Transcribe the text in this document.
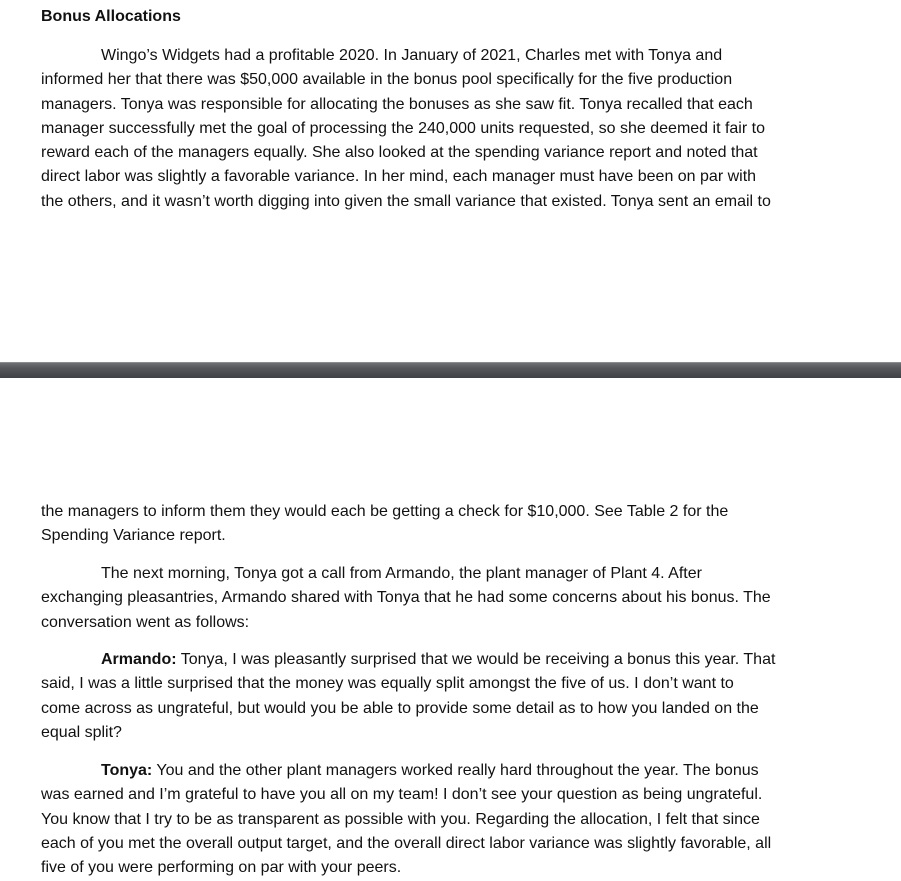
Bonus Allocations

Wingo’s Widgets had a profitable 2020. In January of 2021, Charles met with Tonya and
informed her that there was $50,000 available in the bonus pool specifically for the five production
managers. Tonya was responsible for allocating the bonuses as she saw fit. Tonya recalled that each
manager successfully met the goal of processing the 240,000 units requested, so she deemed it fair to
reward each of the managers equally. She also looked at the spending variance report and noted that
direct labor was slightly a favorable variance. In her mind, each manager must have been on par with
the others, and it wasn’t worth digging into given the small variance that existed. Tonya sent an email to

the managers to inform them they would each be getting a check for $10,000. See Table 2 for the
Spending Variance report.

The next morning, Tonya got a call from Armando, the plant manager of Plant 4. After
exchanging pleasantries, Armando shared with Tonya that he had some concerns about his bonus. The
conversation went as follows:

Armando: Tonya, I was pleasantly surprised that we would be receiving a bonus this year. That
said, I was a little surprised that the money was equally split amongst the five of us. I don’t want to
come across as ungrateful, but would you be able to provide some detail as to how you landed on the
equal split?

Tonya: You and the other plant managers worked really hard throughout the year. The bonus
was earned and I’m grateful to have you all on my team! I don’t see your question as being ungrateful.
You know that I try to be as transparent as possible with you. Regarding the allocation, I felt that since
each of you met the overall output target, and the overall direct labor variance was slightly favorable, all
five of you were performing on par with your peers.
